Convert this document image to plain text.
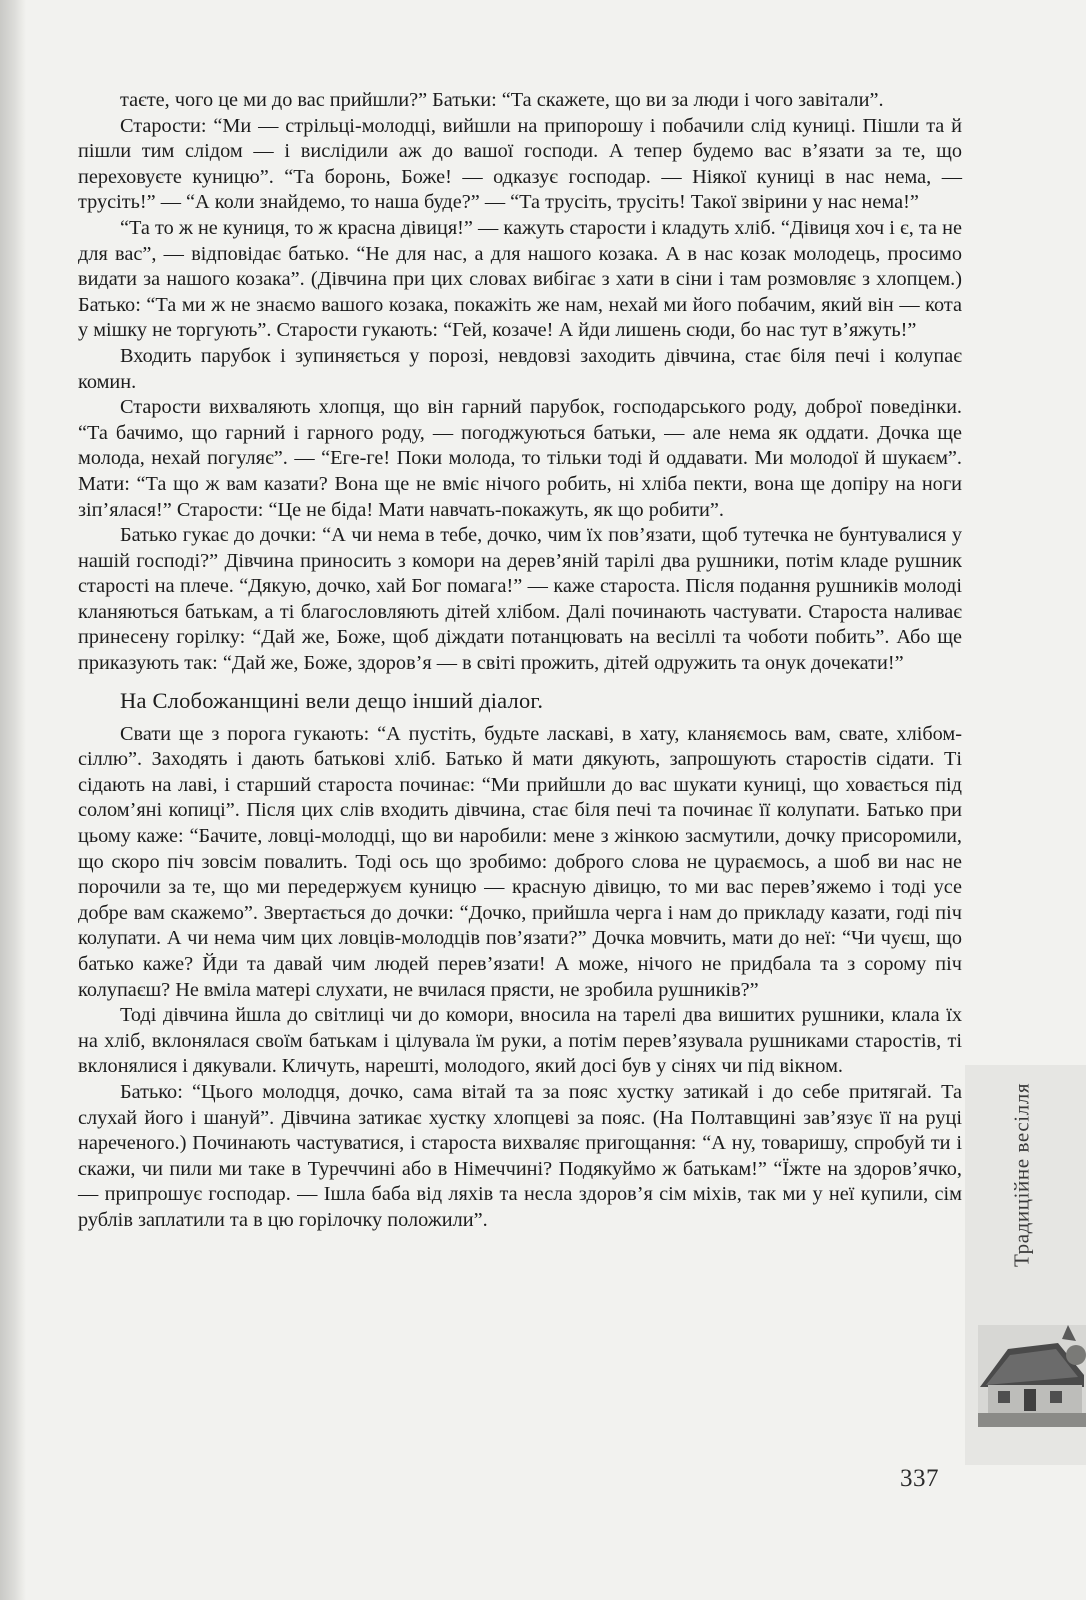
таєте, чого це ми до вас прийшли?” Батьки: “Та скажете, що ви за люди і чого завітали”.

Старости: “Ми — стрільці-молодці, вийшли на припорошу і побачили слід куниці. Пішли та й пішли тим слідом — і вислідили аж до вашої господи. А тепер будемо вас в’язати за те, що переховуєте куницю”. “Та боронь, Боже! — одказує господар. — Ніякої куниці в нас нема, — трусіть!” — “А коли знайдемо, то наша буде?” — “Та трусіть, трусіть! Такої звірини у нас нема!”

“Та то ж не куниця, то ж красна дівиця!” — кажуть старости і кладуть хліб. “Дівиця хоч і є, та не для вас”, — відповідає батько. “Не для нас, а для нашого козака. А в нас козак молодець, просимо видати за нашого козака”. (Дівчина при цих словах вибігає з хати в сіни і там розмовляє з хлопцем.) Батько: “Та ми ж не знаємо вашого козака, покажіть же нам, нехай ми його побачим, який він — кота у мішку не торгують”. Старости гукають: “Гей, козаче! А йди лишень сюди, бо нас тут в’яжуть!”

Входить парубок і зупиняється у порозі, невдовзі заходить дівчина, стає біля печі і колупає комин.

Старости вихваляють хлопця, що він гарний парубок, господарського роду, доброї поведінки. “Та бачимо, що гарний і гарного роду, — погоджуються батьки, — але нема як оддати. Дочка ще молода, нехай погуляє”. — “Еге-ге! Поки молода, то тільки тоді й оддавати. Ми молодої й шукаєм”. Мати: “Та що ж вам казати? Вона ще не вміє нічого робить, ні хліба пекти, вона ще допіру на ноги зіп’ялася!” Старости: “Це не біда! Мати навчать-покажуть, як що робити”.

Батько гукає до дочки: “А чи нема в тебе, дочко, чим їх пов’язати, щоб тутечка не бунтувалися у нашій господі?” Дівчина приносить з комори на дерев’яній тарілі два рушники, потім кладе рушник старості на плече. “Дякую, дочко, хай Бог помага!” — каже староста. Після подання рушників молоді кланяються батькам, а ті благословляють дітей хлібом. Далі починають частувати. Староста наливає принесену горілку: “Дай же, Боже, щоб діждати потанцювать на весіллі та чоботи побить”. Або ще приказують так: “Дай же, Боже, здоров’я — в світі прожить, дітей одружить та онук дочекати!”

На Слобожанщині вели дещо інший діалог.

Свати ще з порога гукають: “А пустіть, будьте ласкаві, в хату, кланяємось вам, свате, хлібом-сіллю”. Заходять і дають батькові хліб. Батько й мати дякують, запрошують старостів сідати. Ті сідають на лаві, і старший староста починає: “Ми прийшли до вас шукати куниці, що ховається під солом’яні копиці”. Після цих слів входить дівчина, стає біля печі та починає її колупати. Батько при цьому каже: “Бачите, ловці-молодці, що ви наробили: мене з жінкою засмутили, дочку присоромили, що скоро піч зовсім повалить. Тоді ось що зробимо: доброго слова не цураємось, а шоб ви нас не порочили за те, що ми передержуєм куницю — красную дівицю, то ми вас перев’яжемо і тоді усе добре вам скажемо”. Звертається до дочки: “Дочко, прийшла черга і нам до прикладу казати, годі піч колупати. А чи нема чим цих ловців-молодців пов’язати?” Дочка мовчить, мати до неї: “Чи чуєш, що батько каже? Йди та давай чим людей перев’язати! А може, нічого не придбала та з сорому піч колупаєш? Не вміла матері слухати, не вчилася прясти, не зробила рушників?”

Тоді дівчина йшла до світлиці чи до комори, вносила на тарелі два вишитих рушники, клала їх на хліб, вклонялася своїм батькам і цілувала їм руки, а потім перев’язувала рушниками старостів, ті вклонялися і дякували. Кличуть, нарешті, молодого, який досі був у сінях чи під вікном.

Батько: “Цього молодця, дочко, сама вітай та за пояс хустку затикай і до себе притягай. Та слухай його і шануй”. Дівчина затикає хустку хлопцеві за пояс. (На Полтавщині зав’язує її на руці нареченого.) Починають частуватися, і староста вихваляє пригощання: “А ну, товаришу, спробуй ти і скажи, чи пили ми таке в Туреччині або в Німеччині? Подякуймо ж батькам!” “Їжте на здоров’ячко, — припрошує господар. — Ішла баба від ляхів та несла здоров’я сім міхів, так ми у неї купили, сім рублів заплатили та в цю горілочку положили”.	Традиційне весілля
337
